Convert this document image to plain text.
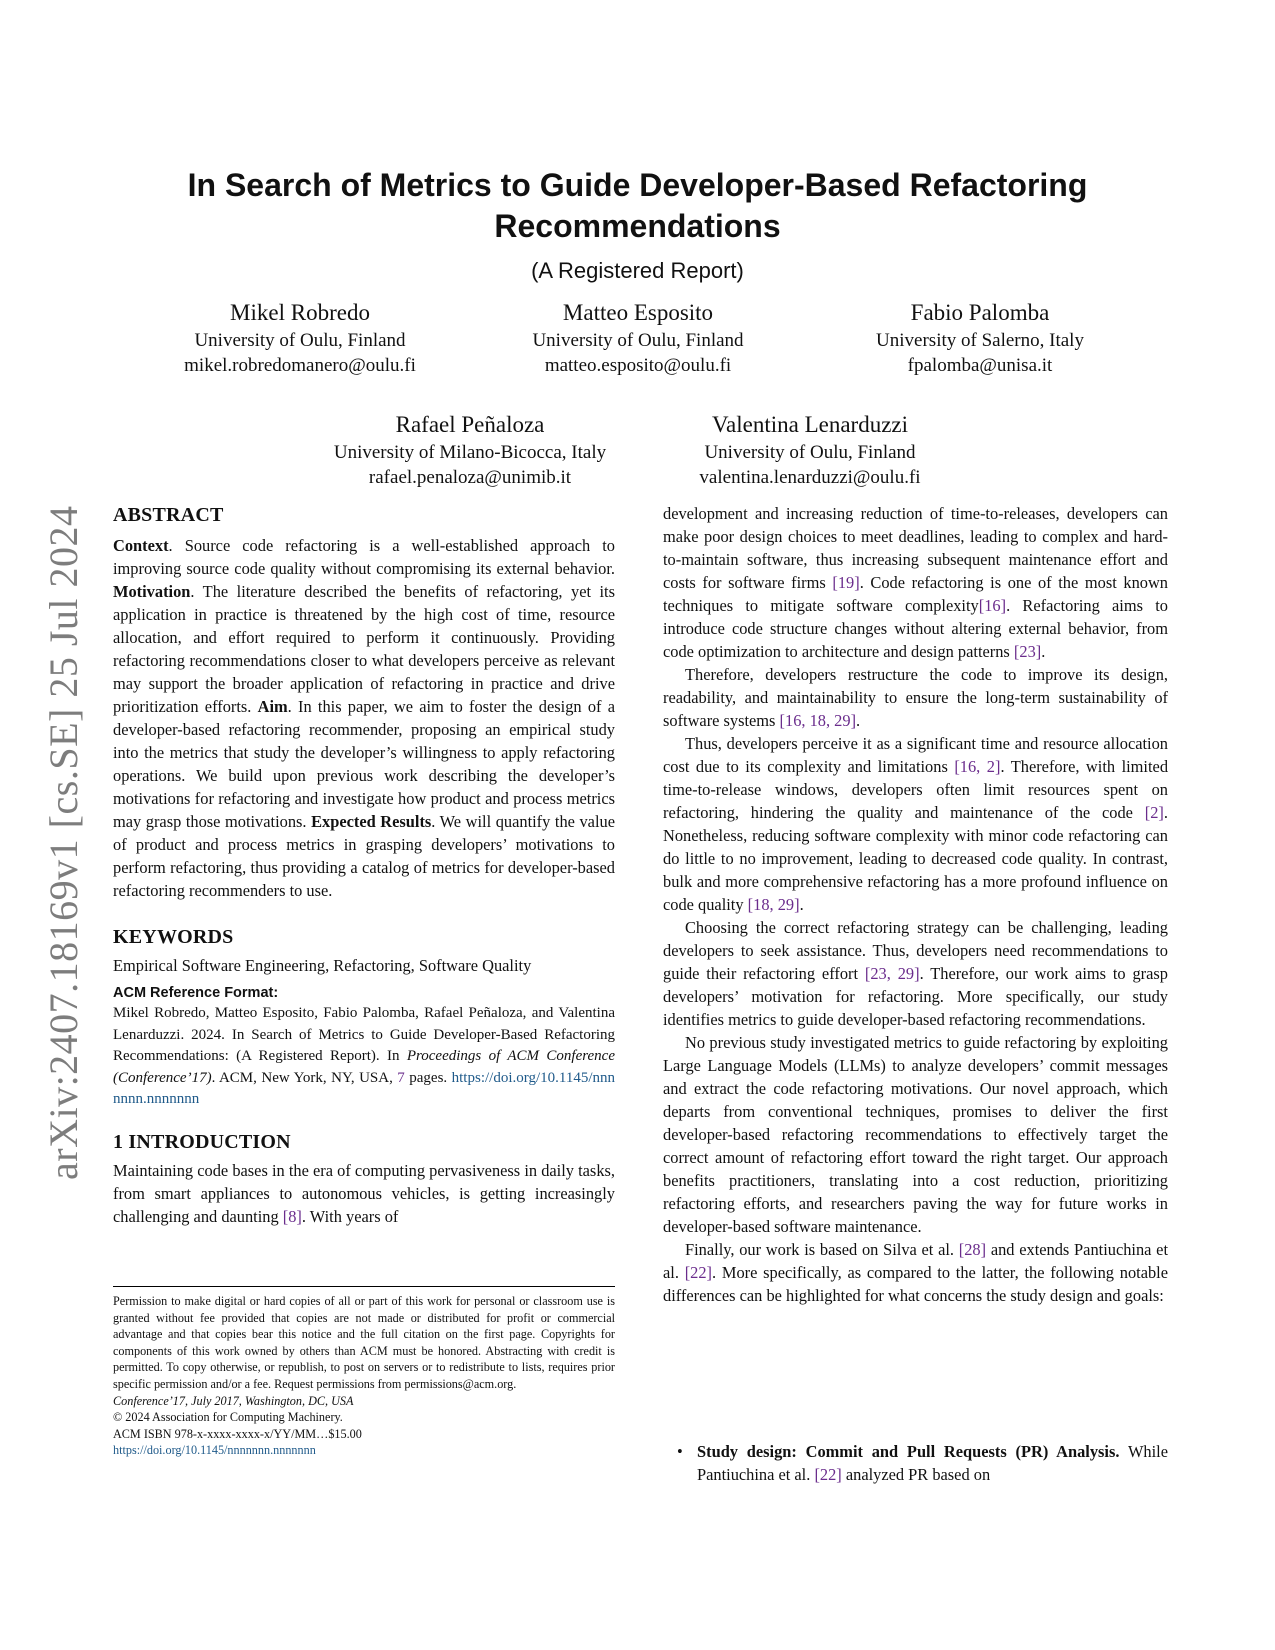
arXiv:2407.18169v1 [cs.SE] 25 Jul 2024
In Search of Metrics to Guide Developer-Based Refactoring Recommendations
(A Registered Report)
Mikel Robredo
University of Oulu, Finland
mikel.robredomanero@oulu.fi
Matteo Esposito
University of Oulu, Finland
matteo.esposito@oulu.fi
Fabio Palomba
University of Salerno, Italy
fpalomba@unisa.it
Rafael Peñaloza
University of Milano-Bicocca, Italy
rafael.penaloza@unimib.it
Valentina Lenarduzzi
University of Oulu, Finland
valentina.lenarduzzi@oulu.fi
ABSTRACT

Context. Source code refactoring is a well-established approach to improving source code quality without compromising its external behavior. Motivation. The literature described the benefits of refactoring, yet its application in practice is threatened by the high cost of time, resource allocation, and effort required to perform it continuously. Providing refactoring recommendations closer to what developers perceive as relevant may support the broader application of refactoring in practice and drive prioritization efforts. Aim. In this paper, we aim to foster the design of a developer-based refactoring recommender, proposing an empirical study into the metrics that study the developer’s willingness to apply refactoring operations. We build upon previous work describing the developer’s motivations for refactoring and investigate how product and process metrics may grasp those motivations. Expected Results. We will quantify the value of product and process metrics in grasping developers’ motivations to perform refactoring, thus providing a catalog of metrics for developer-based refactoring recommenders to use.

KEYWORDS

Empirical Software Engineering, Refactoring, Software Quality

ACM Reference Format:
Mikel Robredo, Matteo Esposito, Fabio Palomba, Rafael Peñaloza, and Valentina Lenarduzzi. 2024. In Search of Metrics to Guide Developer-Based Refactoring Recommendations: (A Registered Report). In Proceedings of ACM Conference (Conference’17). ACM, New York, NY, USA, 7 pages. https://doi.org/10.1145/nnnnnnn.nnnnnnn
1 INTRODUCTION

Maintaining code bases in the era of computing pervasiveness in daily tasks, from smart appliances to autonomous vehicles, is getting increasingly challenging and daunting [8]. With years of

Permission to make digital or hard copies of all or part of this work for personal or classroom use is granted without fee provided that copies are not made or distributed for profit or commercial advantage and that copies bear this notice and the full citation on the first page. Copyrights for components of this work owned by others than ACM must be honored. Abstracting with credit is permitted. To copy otherwise, or republish, to post on servers or to redistribute to lists, requires prior specific permission and/or a fee. Request permissions from permissions@acm.org.
Conference’17, July 2017, Washington, DC, USA
© 2024 Association for Computing Machinery.
ACM ISBN 978-x-xxxx-xxxx-x/YY/MM…$15.00
https://doi.org/10.1145/nnnnnnn.nnnnnnn

development and increasing reduction of time-to-releases, developers can make poor design choices to meet deadlines, leading to complex and hard-to-maintain software, thus increasing subsequent maintenance effort and costs for software firms [19]. Code refactoring is one of the most known techniques to mitigate software complexity[16]. Refactoring aims to introduce code structure changes without altering external behavior, from code optimization to architecture and design patterns [23].

Therefore, developers restructure the code to improve its design, readability, and maintainability to ensure the long-term sustainability of software systems [16, 18, 29].

Thus, developers perceive it as a significant time and resource allocation cost due to its complexity and limitations [16, 2]. Therefore, with limited time-to-release windows, developers often limit resources spent on refactoring, hindering the quality and maintenance of the code [2]. Nonetheless, reducing software complexity with minor code refactoring can do little to no improvement, leading to decreased code quality. In contrast, bulk and more comprehensive refactoring has a more profound influence on code quality [18, 29].

Choosing the correct refactoring strategy can be challenging, leading developers to seek assistance. Thus, developers need recommendations to guide their refactoring effort [23, 29]. Therefore, our work aims to grasp developers’ motivation for refactoring. More specifically, our study identifies metrics to guide developer-based refactoring recommendations.

No previous study investigated metrics to guide refactoring by exploiting Large Language Models (LLMs) to analyze developers’ commit messages and extract the code refactoring motivations. Our novel approach, which departs from conventional techniques, promises to deliver the first developer-based refactoring recommendations to effectively target the correct amount of refactoring effort toward the right target. Our approach benefits practitioners, translating into a cost reduction, prioritizing refactoring efforts, and researchers paving the way for future works in developer-based software maintenance.

Finally, our work is based on Silva et al. [28] and extends Pantiuchina et al. [22]. More specifically, as compared to the latter, the following notable differences can be highlighted for what concerns the study design and goals:

• Study design: Commit and Pull Requests (PR) Analysis. While Pantiuchina et al. [22] analyzed PR based on
